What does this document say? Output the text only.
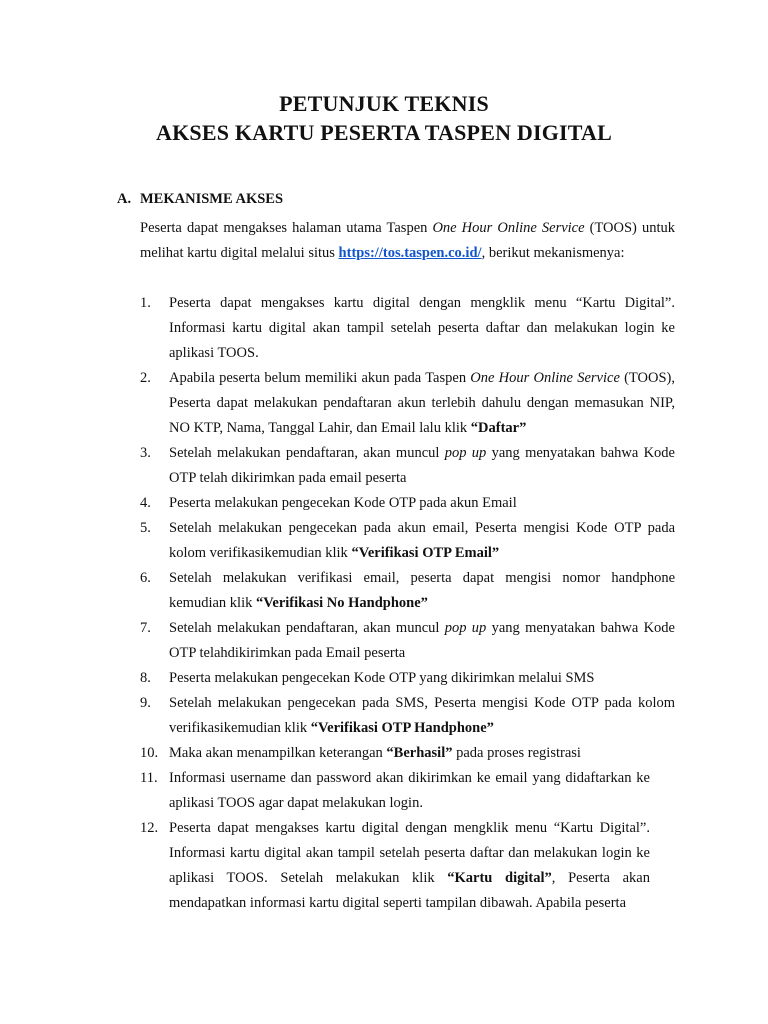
PETUNJUK TEKNIS
AKSES KARTU PESERTA TASPEN DIGITAL
A. MEKANISME AKSES
Peserta dapat mengakses halaman utama Taspen One Hour Online Service (TOOS) untuk melihat kartu digital melalui situs https://tos.taspen.co.id/, berikut mekanismenya:
1. Peserta dapat mengakses kartu digital dengan mengklik menu “Kartu Digital”. Informasi kartu digital akan tampil setelah peserta daftar dan melakukan login ke aplikasi TOOS.
2. Apabila peserta belum memiliki akun pada Taspen One Hour Online Service (TOOS), Peserta dapat melakukan pendaftaran akun terlebih dahulu dengan memasukan NIP, NO KTP, Nama, Tanggal Lahir, dan Email lalu klik “Daftar”
3. Setelah melakukan pendaftaran, akan muncul pop up yang menyatakan bahwa Kode OTP telah dikirimkan pada email peserta
4. Peserta melakukan pengecekan Kode OTP pada akun Email
5. Setelah melakukan pengecekan pada akun email, Peserta mengisi Kode OTP pada kolom verifikasikemudian klik “Verifikasi OTP Email”
6. Setelah melakukan verifikasi email, peserta dapat mengisi nomor handphone kemudian klik “Verifikasi No Handphone”
7. Setelah melakukan pendaftaran, akan muncul pop up yang menyatakan bahwa Kode OTP telahdikirimkan pada Email peserta
8. Peserta melakukan pengecekan Kode OTP yang dikirimkan melalui SMS
9. Setelah melakukan pengecekan pada SMS, Peserta mengisi Kode OTP pada kolom verifikasikemudian klik “Verifikasi OTP Handphone”
10. Maka akan menampilkan keterangan “Berhasil” pada proses registrasi
11. Informasi username dan password akan dikirimkan ke email yang didaftarkan ke aplikasi TOOS agar dapat melakukan login.
12. Peserta dapat mengakses kartu digital dengan mengklik menu “Kartu Digital”. Informasi kartu digital akan tampil setelah peserta daftar dan melakukan login ke aplikasi TOOS. Setelah melakukan klik “Kartu digital”, Peserta akan mendapatkan informasi kartu digital seperti tampilan dibawah. Apabila peserta
